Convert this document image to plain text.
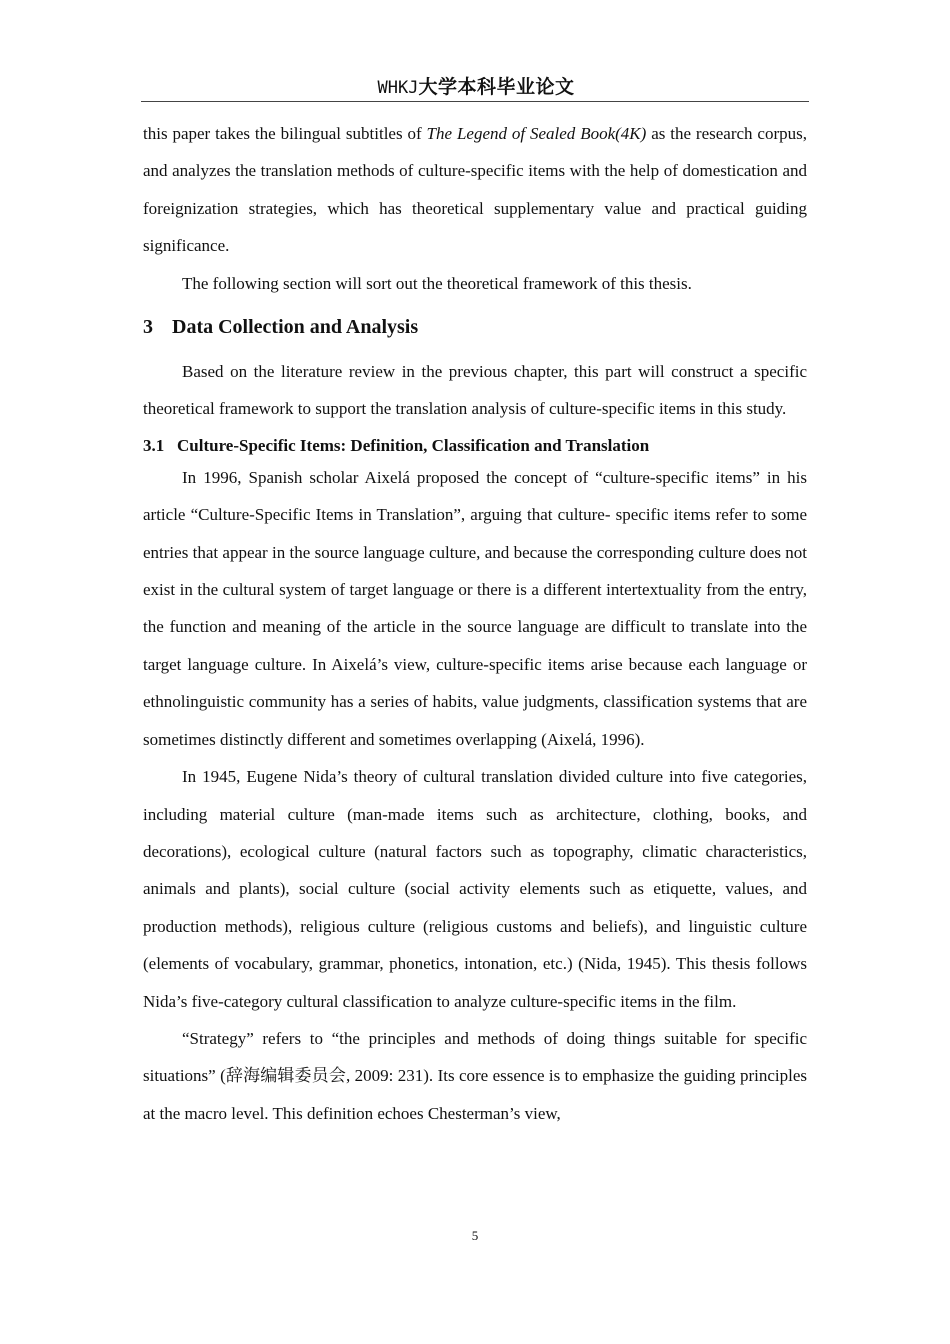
WHKJ大学本科毕业论文

this paper takes the bilingual subtitles of The Legend of Sealed Book(4K) as the research corpus, and analyzes the translation methods of culture-specific items with the help of domestication and foreignization strategies, which has theoretical supplementary value and practical guiding significance.

The following section will sort out the theoretical framework of this thesis.

3 Data Collection and Analysis

Based on the literature review in the previous chapter, this part will construct a specific theoretical framework to support the translation analysis of culture-specific items in this study.

3.1 Culture-Specific Items: Definition, Classification and Translation

In 1996, Spanish scholar Aixelá proposed the concept of “culture-specific items” in his article “Culture-Specific Items in Translation”, arguing that culture- specific items refer to some entries that appear in the source language culture, and because the corresponding culture does not exist in the cultural system of target language or there is a different intertextuality from the entry, the function and meaning of the article in the source language are difficult to translate into the target language culture. In Aixelá’s view, culture-specific items arise because each language or ethnolinguistic community has a series of habits, value judgments, classification systems that are sometimes distinctly different and sometimes overlapping (Aixelá, 1996).

In 1945, Eugene Nida’s theory of cultural translation divided culture into five categories, including material culture (man-made items such as architecture, clothing, books, and decorations), ecological culture (natural factors such as topography, climatic characteristics, animals and plants), social culture (social activity elements such as etiquette, values, and production methods), religious culture (religious customs and beliefs), and linguistic culture (elements of vocabulary, grammar, phonetics, intonation, etc.) (Nida, 1945). This thesis follows Nida’s five-category cultural classification to analyze culture-specific items in the film.

“Strategy” refers to “the principles and methods of doing things suitable for specific situations” (辞海编辑委员会, 2009: 231). Its core essence is to emphasize the guiding principles at the macro level. This definition echoes Chesterman’s view,

5
